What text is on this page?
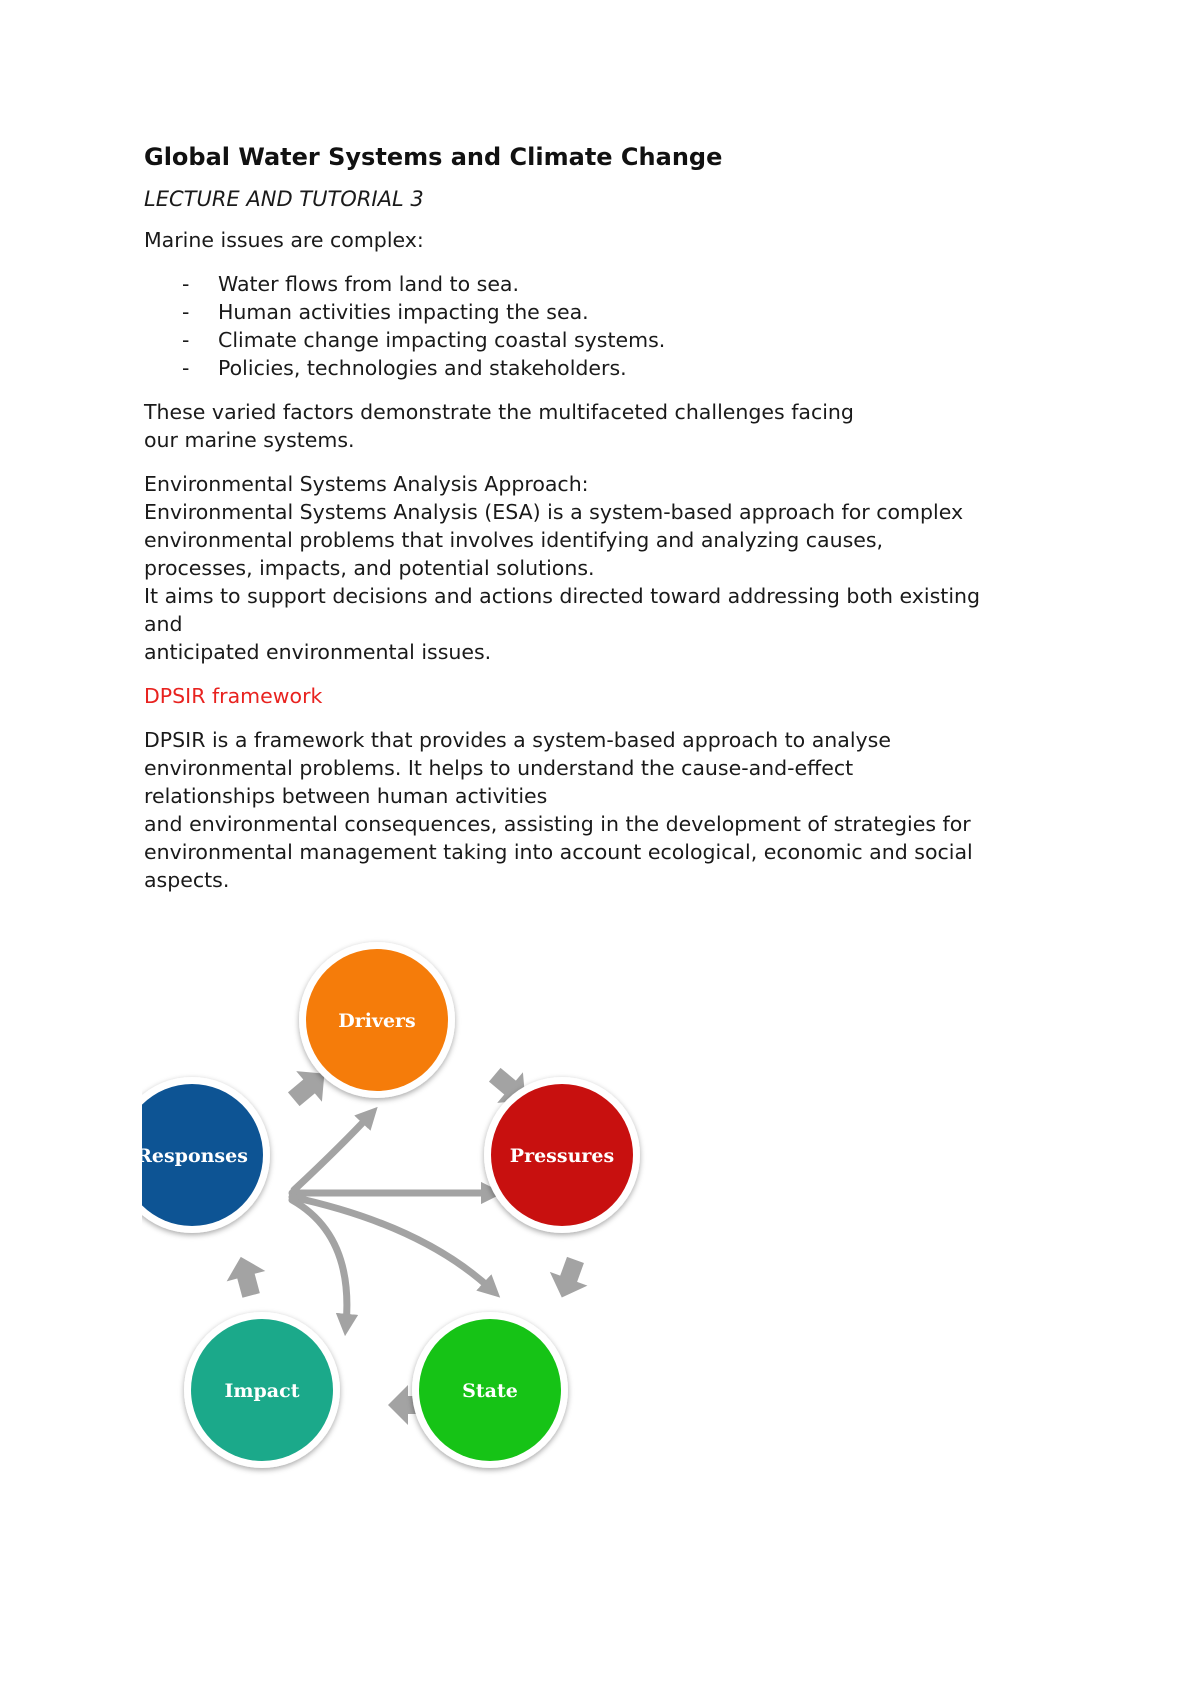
Global Water Systems and Climate Change
LECTURE AND TUTORIAL 3

Marine issues are complex:

- Water flows from land to sea.
- Human activities impacting the sea.
- Climate change impacting coastal systems.
- Policies, technologies and stakeholders.

These varied factors demonstrate the multifaceted challenges facing
our marine systems.

Environmental Systems Analysis Approach:
Environmental Systems Analysis (ESA) is a system-based approach for complex
environmental problems that involves identifying and analyzing causes,
processes, impacts, and potential solutions.
It aims to support decisions and actions directed toward addressing both existing
and
anticipated environmental issues.

DPSIR framework

DPSIR is a framework that provides a system-based approach to analyse
environmental problems. It helps to understand the cause-and-effect
relationships between human activities
and environmental consequences, assisting in the development of strategies for
environmental management taking into account ecological, economic and social
aspects.

Drivers
Pressures
State
Impact
Responses
